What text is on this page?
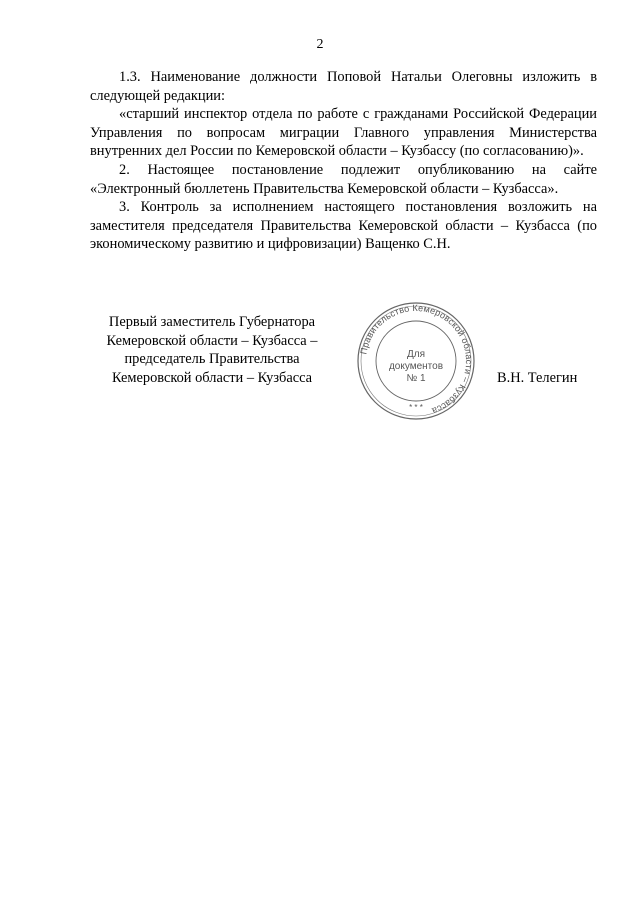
2

1.3. Наименование должности Поповой Натальи Олеговны изложить в следующей редакции:

«старший инспектор отдела по работе с гражданами Российской Федерации Управления по вопросам миграции Главного управления Министерства внутренних дел России по Кемеровской области – Кузбассу (по согласованию)».

2. Настоящее постановление подлежит опубликованию на сайте «Электронный бюллетень Правительства Кемеровской области – Кузбасса».

3. Контроль за исполнением настоящего постановления возложить на заместителя председателя Правительства Кемеровской области – Кузбасса (по экономическому развитию и цифровизации) Ващенко С.Н.

Первый заместитель Губернатора
Кемеровской области – Кузбасса –
председатель Правительства
Кемеровской области – Кузбасса	В.Н. Телегин
Правительство Кемеровской области – Кузбасса
* * *
Для
документов
№ 1
